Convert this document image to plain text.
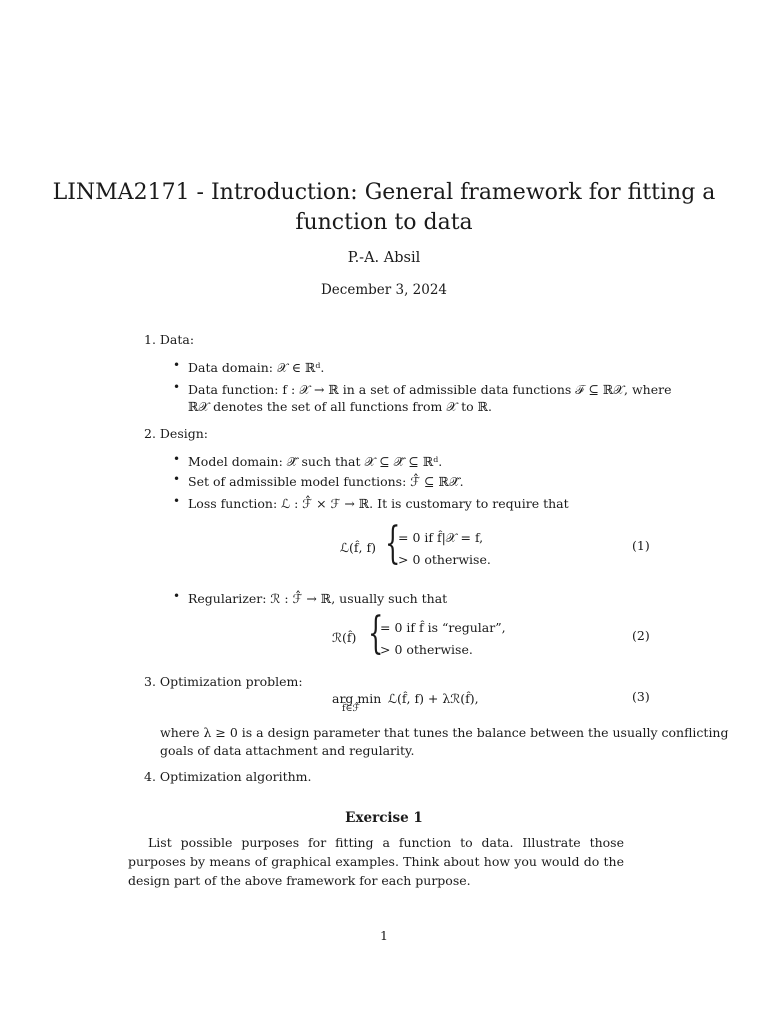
LINMA2171 - Introduction: General framework for fitting a
function to data
P.-A. Absil
December 3, 2024
1. Data:
• Data domain: 𝒳 ∈ ℝᵈ.
• Data function: f : 𝒳 → ℝ in a set of admissible data functions ℱ ⊆ ℝ𝒳, where
ℝ𝒳 denotes the set of all functions from 𝒳 to ℝ.
2. Design:
• Model domain: 𝒳̂ such that 𝒳 ⊆ 𝒳̂ ⊆ ℝᵈ.
• Set of admissible model functions: ℱ̂ ⊆ ℝ𝒳̂.
• Loss function: ℒ : ℱ̂ × ℱ → ℝ. It is customary to require that
ℒ(f̂, f) {
= 0 if f̂|𝒳 = f,
> 0 otherwise.
(1)
• Regularizer: ℛ : ℱ̂ → ℝ, usually such that
ℛ(f̂) {
= 0 if f̂ is “regular”,
> 0 otherwise.
(2)
3. Optimization problem:
arg min
f̂∈ℱ̂
ℒ(f̂, f) + λℛ(f̂),	(3)
where λ ≥ 0 is a design parameter that tunes the balance between the usually conflicting
goals of data attachment and regularity.
4. Optimization algorithm.
Exercise 1
List possible purposes for fitting a function to data. Illustrate those purposes by means of graphical examples. Think about how you would do the design part of the above framework for each purpose.
1
